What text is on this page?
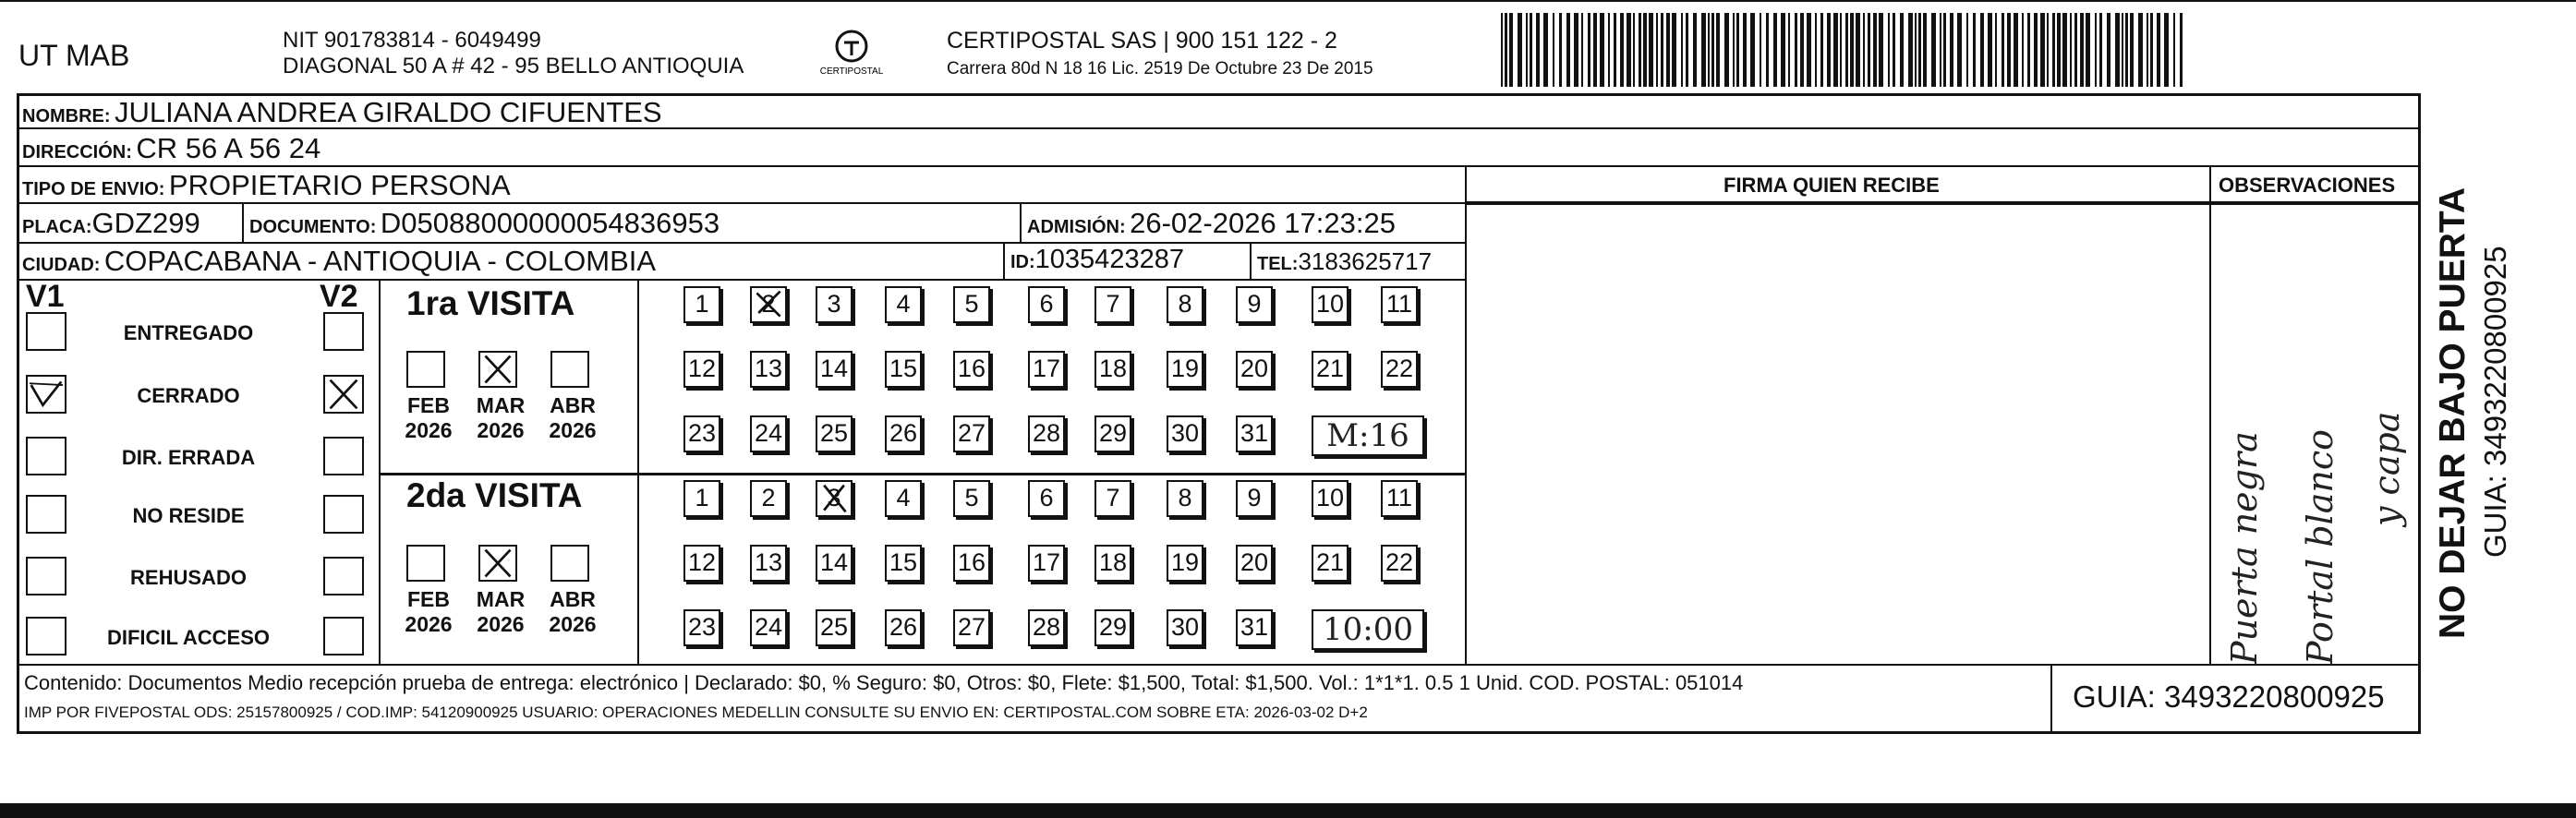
UT MAB	NIT 901783814 - 6049499
DIAGONAL 50 A # 42 - 95 BELLO ANTIOQUIA	CERTIPOSTAL
CERTIPOSTAL SAS | 900 151 122 - 2
Carrera 80d N 18 16 Lic. 2519 De Octubre 23 De 2015
NOMBRE: JULIANA ANDREA GIRALDO CIFUENTES
DIRECCIÓN: CR 56 A 56 24
TIPO DE ENVIO: PROPIETARIO PERSONA	FIRMA QUIEN RECIBE	OBSERVACIONES
PLACA:GDZ299	DOCUMENTO: D05088000000054836953	ADMISIÓN: 26-02-2026 17:23:25
CIUDAD: COPACABANA - ANTIOQUIA - COLOMBIA	ID:1035423287	TEL:3183625717
V1	V2
ENTREGADO
CERRADO
DIR. ERRADA
NO RESIDE
REHUSADO
DIFICIL ACCESO
1ra VISITA
2da VISITA
FEB
2026
MAR
2026
ABR
2026
1	2	3	4	5	6	7	8	9	10 11
12 13 14 15 16 17 18 19 20 21 22
23 24 25 26 27 28 29 30 31	M:16
FEB
2026
MAR
2026
ABR
2026
1	2	3	4	5	6	7	8	9	10 11
12 13 14 15 16 17 18 19 20 21 22
23 24 25 26 27 28 29 30 31	10:00	Puerta negra Portal blanco y capa
Contenido: Documentos Medio recepción prueba de entrega: electrónico | Declarado: $0, % Seguro: $0, Otros: $0, Flete: $1,500, Total: $1,500. Vol.: 1*1*1. 0.5 1 Unid. COD. POSTAL: 051014
IMP POR FIVEPOSTAL ODS: 25157800925 / COD.IMP: 54120900925 USUARIO: OPERACIONES MEDELLIN CONSULTE SU ENVIO EN: CERTIPOSTAL.COM SOBRE ETA: 2026-03-02 D+2	GUIA: 3493220800925
NO DEJAR BAJO PUERTA GUIA: 3493220800925
